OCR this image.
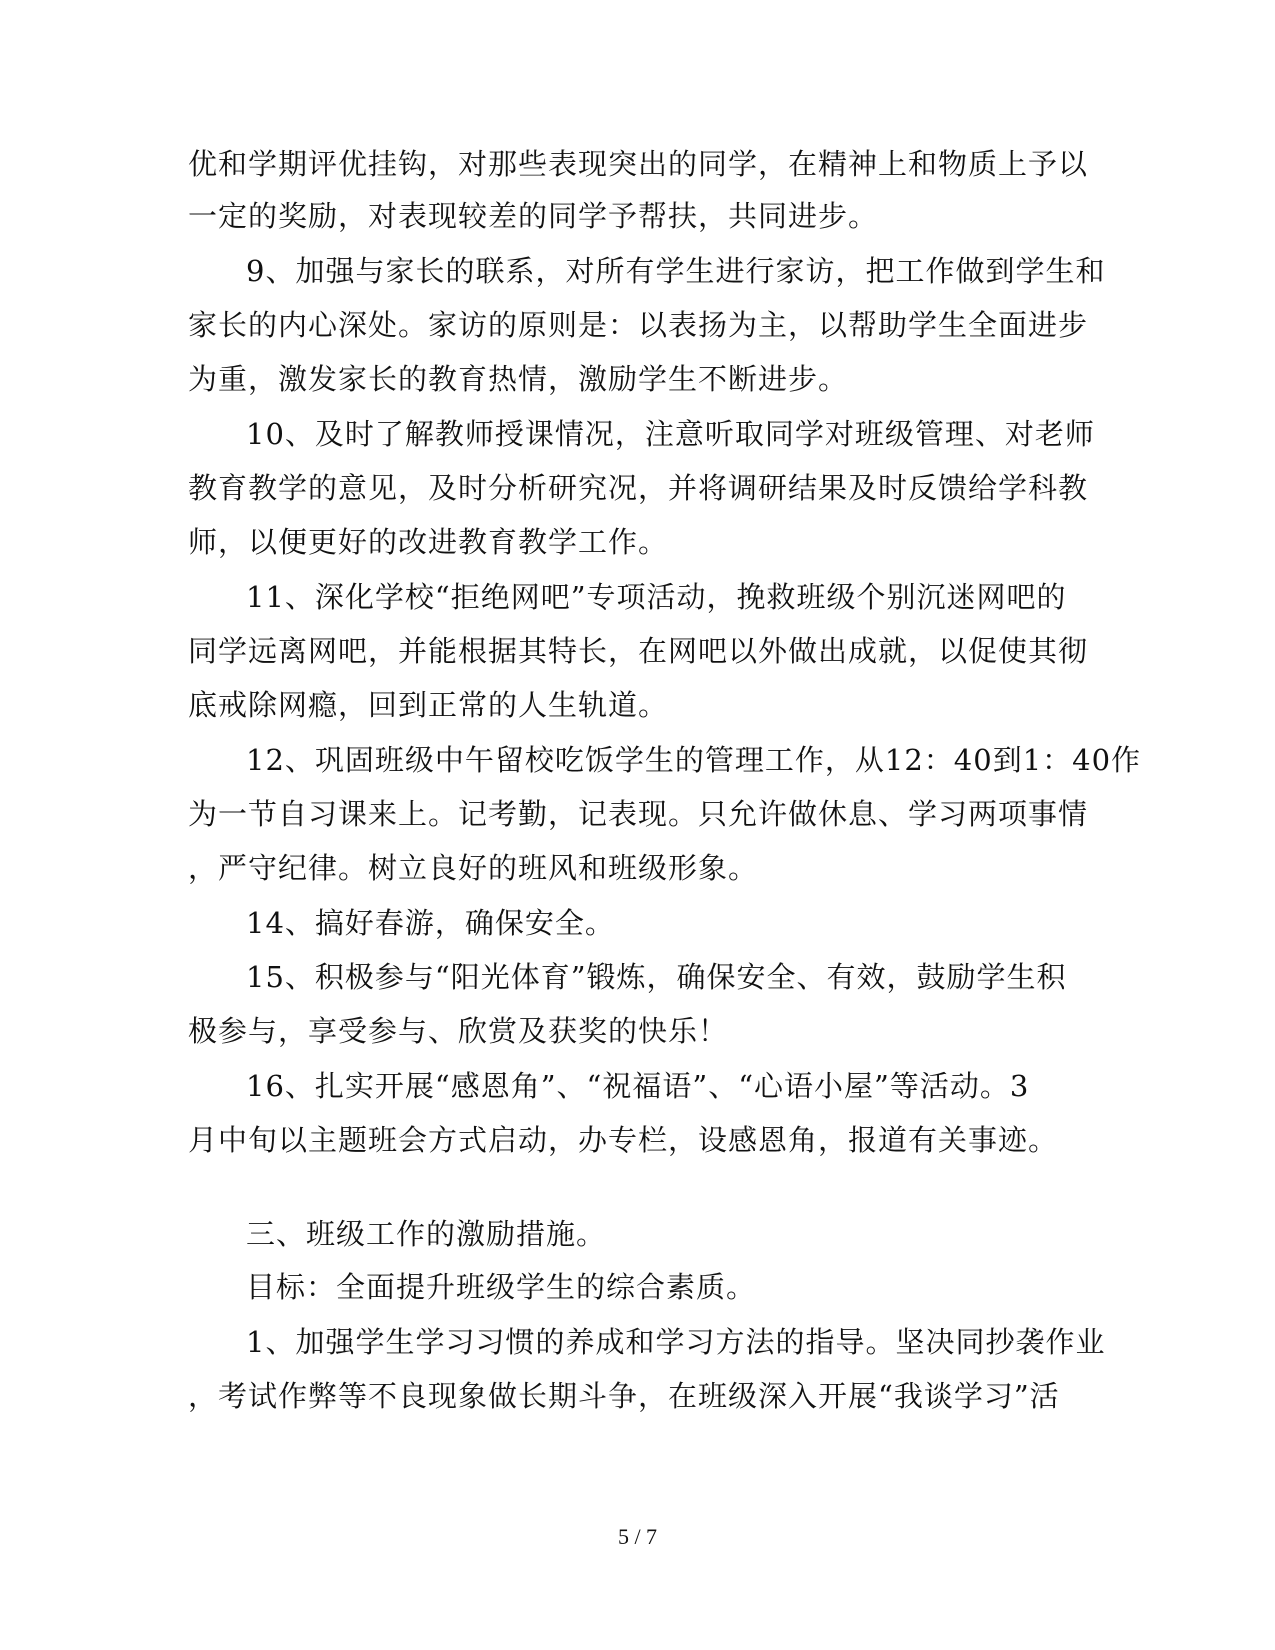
优和学期评优挂钩，对那些表现突出的同学，在精神上和物质上予以

一定的奖励，对表现较差的同学予帮扶，共同进步。

9、加强与家长的联系，对所有学生进行家访，把工作做到学生和

家长的内心深处。家访的原则是：以表扬为主，以帮助学生全面进步

为重，激发家长的教育热情，激励学生不断进步。

10、及时了解教师授课情况，注意听取同学对班级管理、对老师

教育教学的意见，及时分析研究况，并将调研结果及时反馈给学科教

师，以便更好的改进教育教学工作。

11、深化学校“拒绝网吧”专项活动，挽救班级个别沉迷网吧的

同学远离网吧，并能根据其特长，在网吧以外做出成就，以促使其彻

底戒除网瘾，回到正常的人生轨道。

12、巩固班级中午留校吃饭学生的管理工作，从12：40到1：40作

为一节自习课来上。记考勤，记表现。只允许做休息、学习两项事情

，严守纪律。树立良好的班风和班级形象。

14、搞好春游，确保安全。

15、积极参与“阳光体育”锻炼，确保安全、有效，鼓励学生积

极参与，享受参与、欣赏及获奖的快乐！

16、扎实开展“感恩角”、“祝福语”、“心语小屋”等活动。3

月中旬以主题班会方式启动，办专栏，设感恩角，报道有关事迹。

三、班级工作的激励措施。

目标：全面提升班级学生的综合素质。

1、加强学生学习习惯的养成和学习方法的指导。坚决同抄袭作业

，考试作弊等不良现象做长期斗争，在班级深入开展“我谈学习”活

5 / 7
